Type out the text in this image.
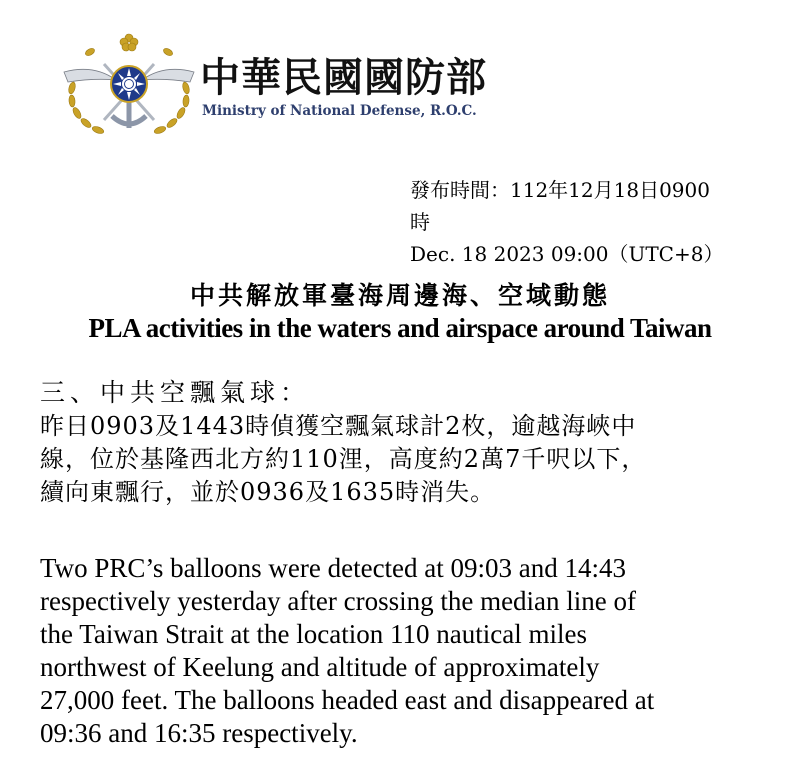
中華民國國防部
Ministry of National Defense, R.O.C.
發布時間：112年12月18日0900
時
Dec. 18 2023 09:00（UTC+8）
中共解放軍臺海周邊海、空域動態
PLA activities in the waters and airspace around Taiwan
三、中共空飄氣球：
昨日0903及1443時偵獲空飄氣球計2枚，逾越海峽中
線，位於基隆西北方約110浬，高度約2萬7千呎以下，
續向東飄行，並於0936及1635時消失。
Two PRC’s balloons were detected at 09:03 and 14:43
respectively yesterday after crossing the median line of
the Taiwan Strait at the location 110 nautical miles
northwest of Keelung and altitude of approximately
27,000 feet. The balloons headed east and disappeared at
09:36 and 16:35 respectively.
